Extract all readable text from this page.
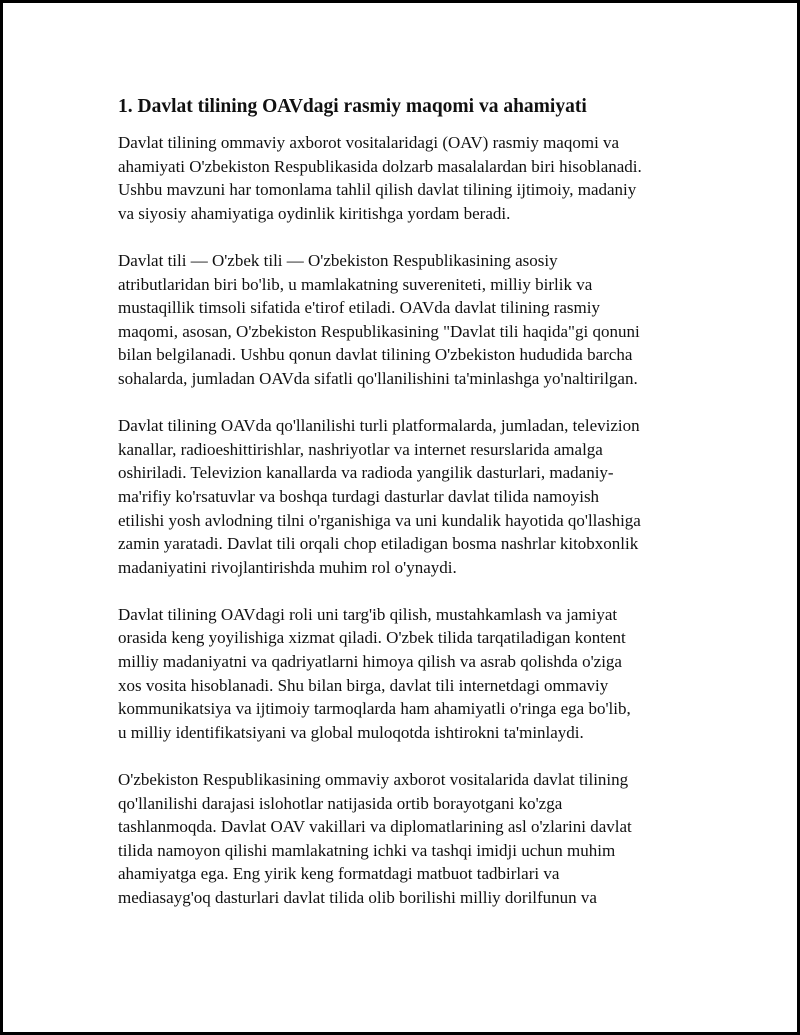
1. Davlat tilining OAVdagi rasmiy maqomi va ahamiyati

Davlat tilining ommaviy axborot vositalaridagi (OAV) rasmiy maqomi va
ahamiyati O'zbekiston Respublikasida dolzarb masalalardan biri hisoblanadi.
Ushbu mavzuni har tomonlama tahlil qilish davlat tilining ijtimoiy, madaniy
va siyosiy ahamiyatiga oydinlik kiritishga yordam beradi.

Davlat tili — O'zbek tili — O'zbekiston Respublikasining asosiy
atributlaridan biri bo'lib, u mamlakatning suvereniteti, milliy birlik va
mustaqillik timsoli sifatida e'tirof etiladi. OAVda davlat tilining rasmiy
maqomi, asosan, O'zbekiston Respublikasining "Davlat tili haqida"gi qonuni
bilan belgilanadi. Ushbu qonun davlat tilining O'zbekiston hududida barcha
sohalarda, jumladan OAVda sifatli qo'llanilishini ta'minlashga yo'naltirilgan.

Davlat tilining OAVda qo'llanilishi turli platformalarda, jumladan, televizion
kanallar, radioeshittirishlar, nashriyotlar va internet resurslarida amalga
oshiriladi. Televizion kanallarda va radioda yangilik dasturlari, madaniy-
ma'rifiy ko'rsatuvlar va boshqa turdagi dasturlar davlat tilida namoyish
etilishi yosh avlodning tilni o'rganishiga va uni kundalik hayotida qo'llashiga
zamin yaratadi. Davlat tili orqali chop etiladigan bosma nashrlar kitobxonlik
madaniyatini rivojlantirishda muhim rol o'ynaydi.

Davlat tilining OAVdagi roli uni targ'ib qilish, mustahkamlash va jamiyat
orasida keng yoyilishiga xizmat qiladi. O'zbek tilida tarqatiladigan kontent
milliy madaniyatni va qadriyatlarni himoya qilish va asrab qolishda o'ziga
xos vosita hisoblanadi. Shu bilan birga, davlat tili internetdagi ommaviy
kommunikatsiya va ijtimoiy tarmoqlarda ham ahamiyatli o'ringa ega bo'lib,
u milliy identifikatsiyani va global muloqotda ishtirokni ta'minlaydi.

O'zbekiston Respublikasining ommaviy axborot vositalarida davlat tilining
qo'llanilishi darajasi islohotlar natijasida ortib borayotgani ko'zga
tashlanmoqda. Davlat OAV vakillari va diplomatlarining asl o'zlarini davlat
tilida namoyon qilishi mamlakatning ichki va tashqi imidji uchun muhim
ahamiyatga ega. Eng yirik keng formatdagi matbuot tadbirlari va
mediasayg'oq dasturlari davlat tilida olib borilishi milliy dorilfunun va
